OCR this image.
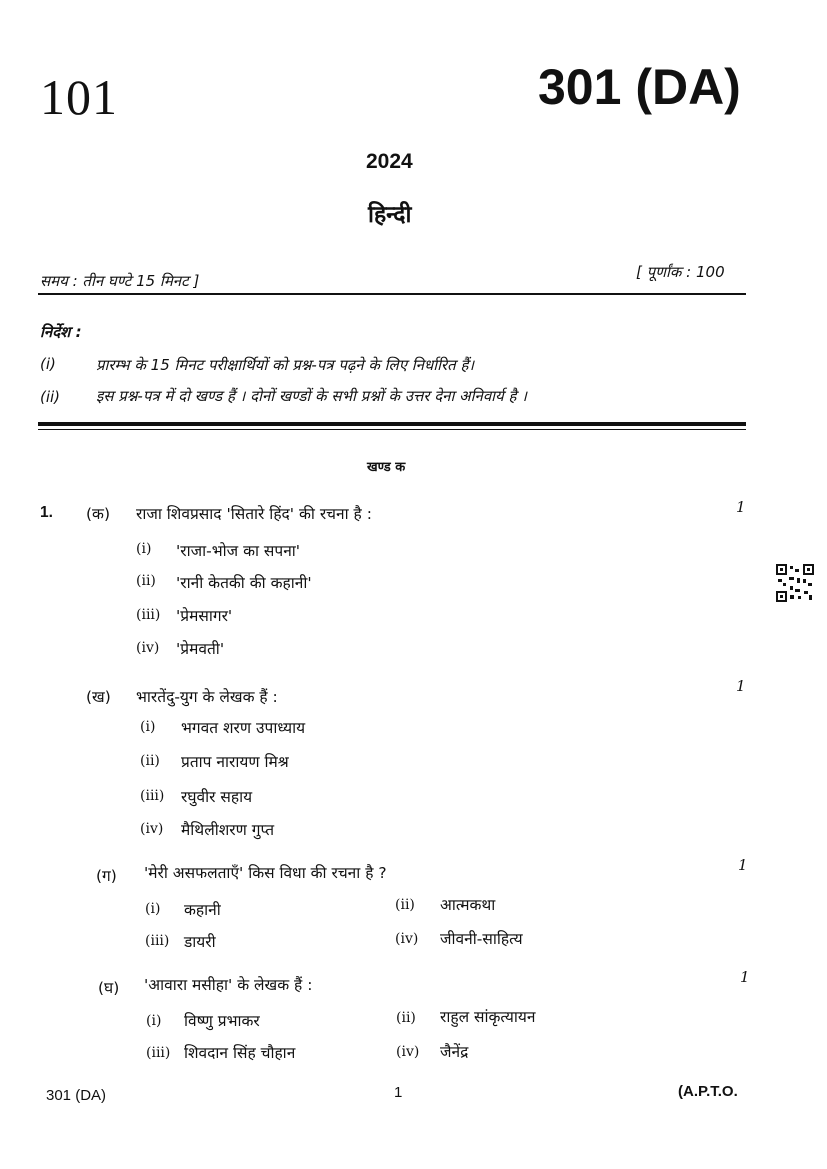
101	301 (DA)
2024
हिन्दी
समय : तीन घण्टे 15 मिनट ]	[ पूर्णांक : 100
निर्देश :
(i)	प्रारम्भ के 15 मिनट परीक्षार्थियों को प्रश्न-पत्र पढ़ने के लिए निर्धारित हैं।
(ii) इस प्रश्न-पत्र में दो खण्ड हैं । दोनों खण्डों के सभी प्रश्नों के उत्तर देना अनिवार्य है ।
खण्ड क
1. (क) राजा शिवप्रसाद 'सितारे हिंद' की रचना है :	1
(i) 'राजा-भोज का सपना'
(ii) 'रानी केतकी की कहानी'
(iii) 'प्रेमसागर'
(iv) 'प्रेमवती'
(ख) भारतेंदु-युग के लेखक हैं :
1
(i) भगवत शरण उपाध्याय
(ii) प्रताप नारायण मिश्र
(iii) रघुवीर सहाय
(iv) मैथिलीशरण गुप्त
(ग) 'मेरी असफलताएँ' किस विधा की रचना है ?	1
(i) कहानी	(ii) आत्मकथा
(iii) डायरी	(iv) जीवनी-साहित्य
(घ) 'आवारा मसीहा' के लेखक हैं :	1
(i) विष्णु प्रभाकर	(ii) राहुल सांकृत्यायन
(iii) शिवदान सिंह चौहान	(iv) जैनेंद्र
301 (DA)	1	(A.P.T.O.
